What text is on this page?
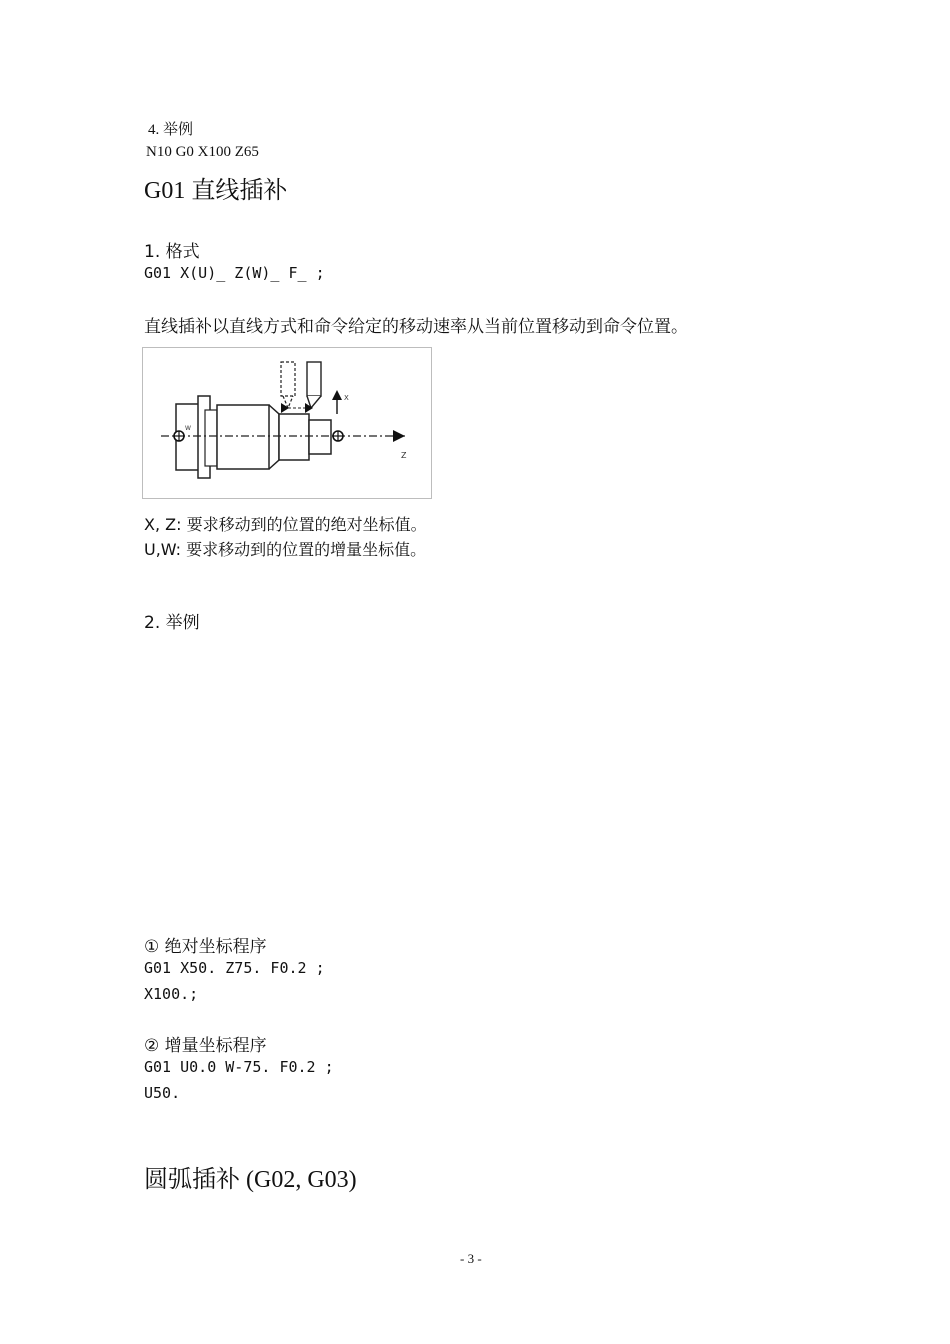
4. 举例
N10 G0 X100 Z65
G01 直线插补
1. 格式
G01 X(U)_ Z(W)_ F_ ;
直线插补以直线方式和命令给定的移动速率从当前位置移动到命令位置。
Z
X
W
X, Z: 要求移动到的位置的绝对坐标值。
U,W: 要求移动到的位置的增量坐标值。
2. 举例
① 绝对坐标程序
G01 X50. Z75. F0.2 ;
X100.;
② 增量坐标程序
G01 U0.0 W-75. F0.2 ;
U50.
圆弧插补 (G02, G03)
- 3 -
